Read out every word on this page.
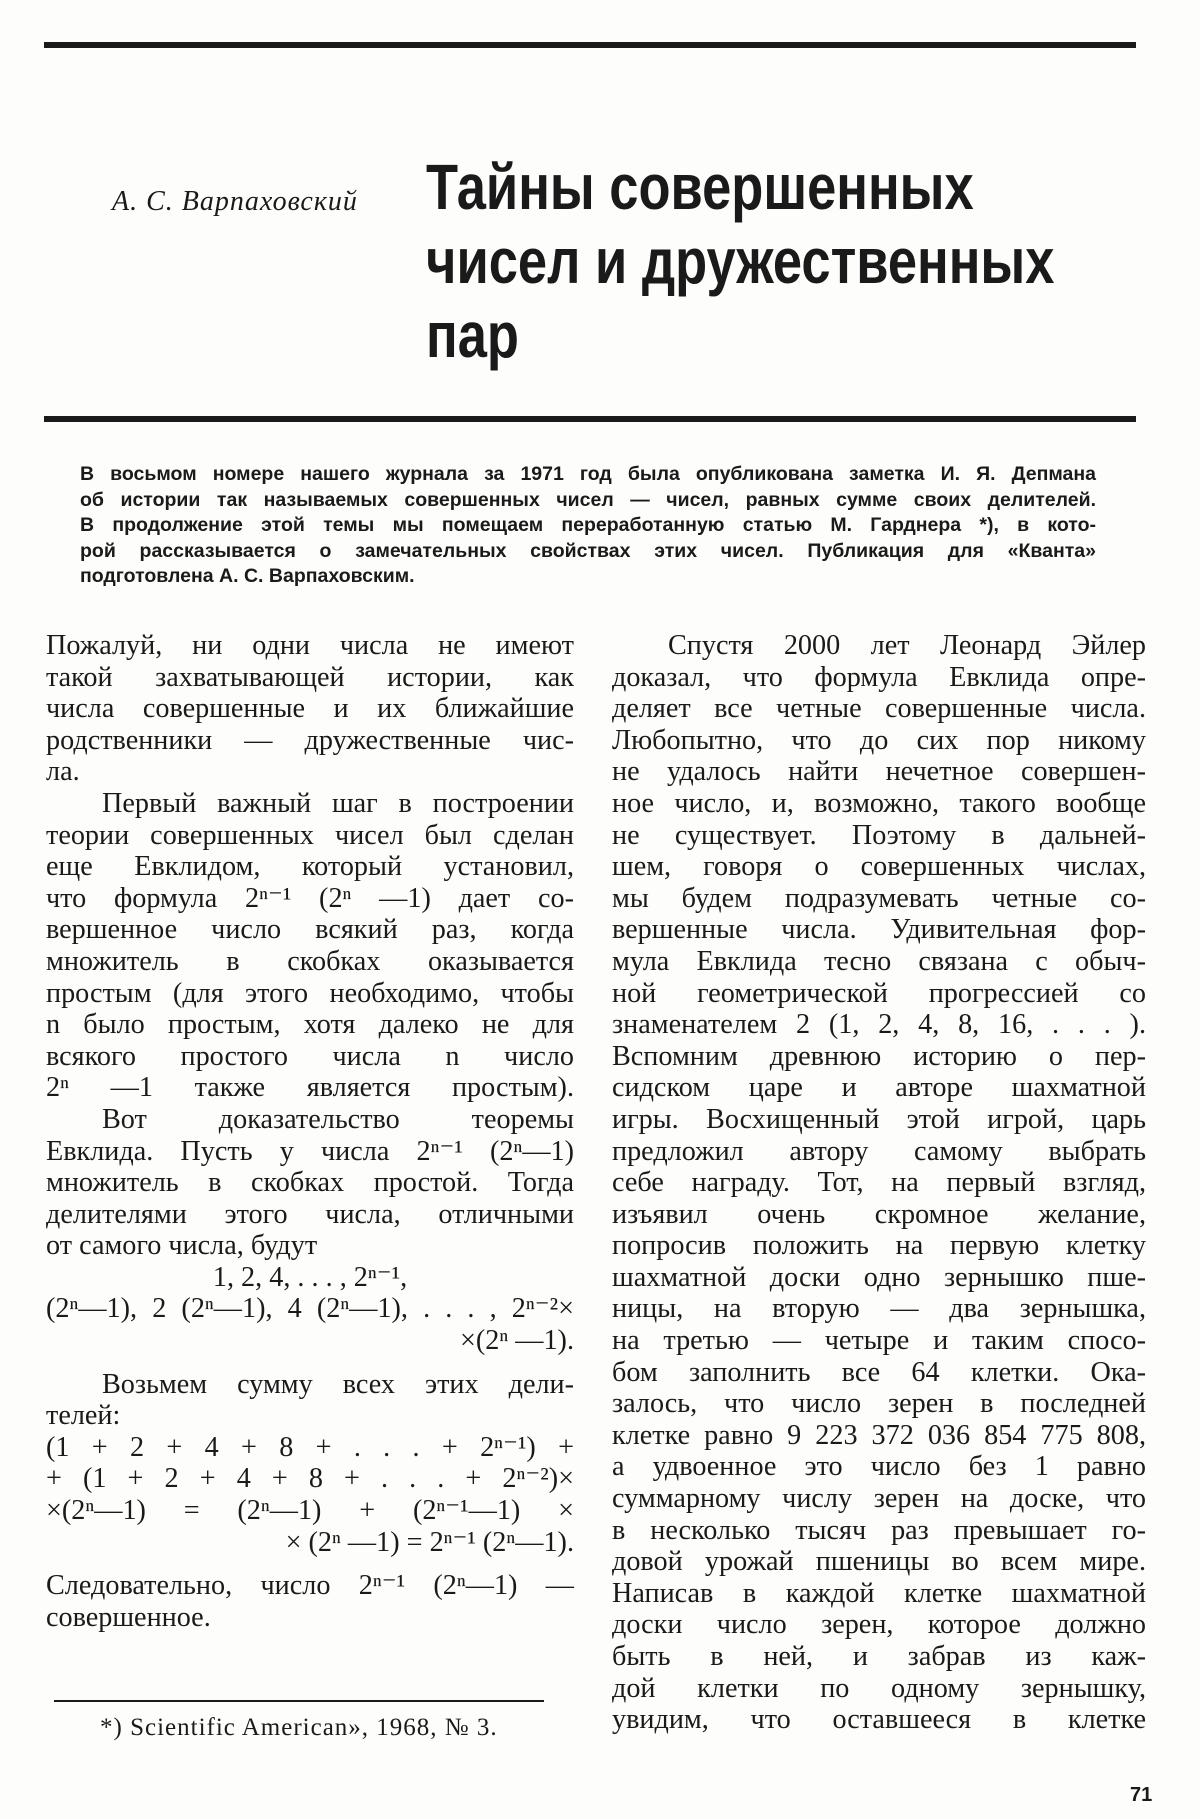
А. С. Варпаховский Тайны совершенных
чисел и дружественных
пар
В восьмом номере нашего журнала за 1971 год была опубликована заметка И. Я. Депмана
об истории так называемых совершенных чисел — чисел, равных сумме своих делителей.
В продолжение этой темы мы помещаем переработанную статью М. Гарднера *), в кото-
рой рассказывается о замечательных свойствах этих чисел. Публикация для «Кванта»
подготовлена А. С. Варпаховским.
Пожалуй, ни одни числа не имеют
такой захватывающей истории, как
числа совершенные и их ближайшие
родственники — дружественные чис-
ла.
Первый важный шаг в построении
теории совершенных чисел был сделан
еще Евклидом, который установил,
что формула 2ⁿ⁻¹ (2ⁿ —1) дает со-
вершенное число всякий раз, когда
множитель в скобках оказывается
простым (для этого необходимо, чтобы
n было простым, хотя далеко не для
всякого простого числа n число
2ⁿ —1 также является простым).
Вот доказательство теоремы
Евклида. Пусть у числа 2ⁿ⁻¹ (2ⁿ—1)
множитель в скобках простой. Тогда
делителями этого числа, отличными
от самого числа, будут
1, 2, 4, . . . , 2ⁿ⁻¹,
(2ⁿ—1), 2 (2ⁿ—1), 4 (2ⁿ—1), . . . , 2ⁿ⁻²×
×(2ⁿ —1).
Возьмем сумму всех этих дели-
телей:
(1 + 2 + 4 + 8 + . . . + 2ⁿ⁻¹) +
+ (1 + 2 + 4 + 8 + . . . + 2ⁿ⁻²)×
×(2ⁿ—1) = (2ⁿ—1) + (2ⁿ⁻¹—1) ×
× (2ⁿ —1) = 2ⁿ⁻¹ (2ⁿ—1).
Следовательно, число 2ⁿ⁻¹ (2ⁿ—1) —
совершенное.
Спустя 2000 лет Леонард Эйлер
доказал, что формула Евклида опре-
деляет все четные совершенные числа.
Любопытно, что до сих пор никому
не удалось найти нечетное совершен-
ное число, и, возможно, такого вообще
не существует. Поэтому в дальней-
шем, говоря о совершенных числах,
мы будем подразумевать четные со-
вершенные числа. Удивительная фор-
мула Евклида тесно связана с обыч-
ной геометрической прогрессией со
знаменателем 2 (1, 2, 4, 8, 16, . . . ).
Вспомним древнюю историю о пер-
сидском царе и авторе шахматной
игры. Восхищенный этой игрой, царь
предложил автору самому выбрать
себе награду. Тот, на первый взгляд,
изъявил очень скромное желание,
попросив положить на первую клетку
шахматной доски одно зернышко пше-
ницы, на вторую — два зернышка,
на третью — четыре и таким спосо-
бом заполнить все 64 клетки. Ока-
залось, что число зерен в последней
клетке равно 9 223 372 036 854 775 808,
а удвоенное это число без 1 равно
суммарному числу зерен на доске, что
в несколько тысяч раз превышает го-
довой урожай пшеницы во всем мире.
Написав в каждой клетке шахматной
доски число зерен, которое должно
быть в ней, и забрав из каж-
дой клетки по одному зернышку,
увидим, что оставшееся в клетке
*) Scientific American», 1968, № 3.
71
